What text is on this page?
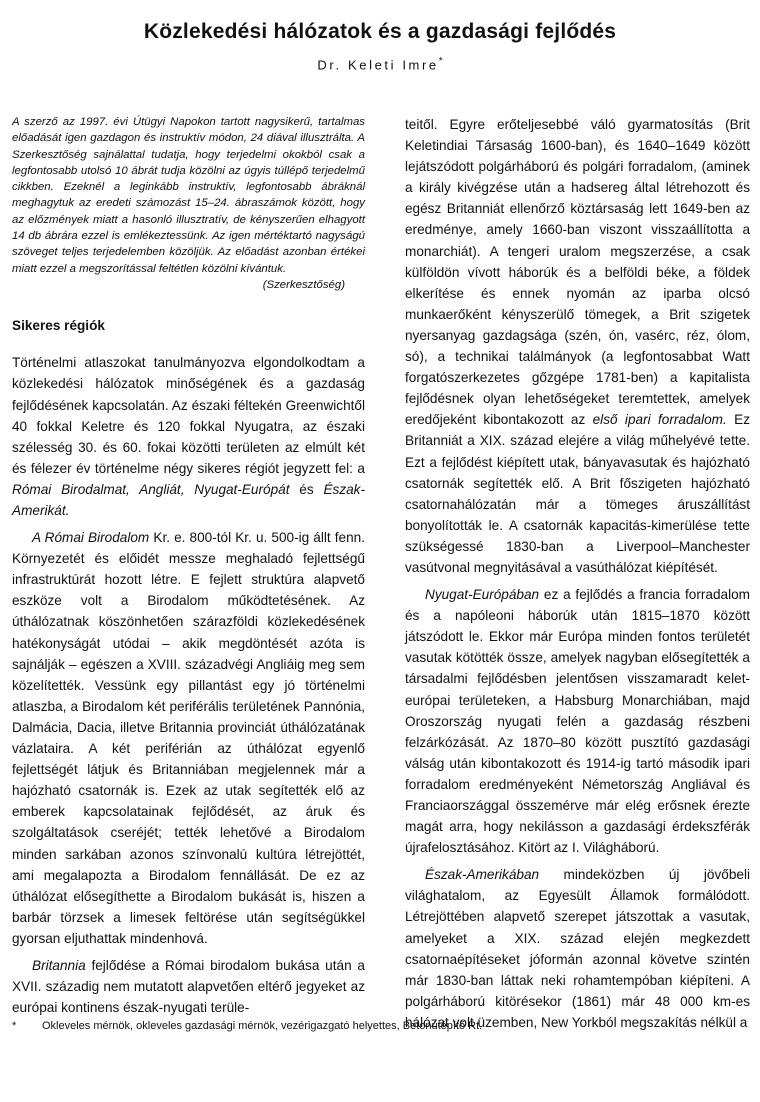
Közlekedési hálózatok és a gazdasági fejlődés
Dr. Keleti Imre*

A szerző az 1997. évi Útügyi Napokon tartott nagysikerű, tartalmas előadását igen gazdagon és instruktív módon, 24 diával illusztrálta. A Szerkesztőség sajnálattal tudatja, hogy terjedelmi okokból csak a legfontosabb utolsó 10 ábrát tudja közölni az úgyis túllépő terjedelmű cikkben. Ezeknél a leginkább instruktív, legfontosabb ábráknál meghagytuk az eredeti számozást 15–24. ábraszámok között, hogy az előzmények miatt a hasonló illusztratív, de kényszerűen elhagyott 14 db ábrára ezzel is emlékeztessünk. Az igen mértéktartó nagyságú szöveget teljes terjedelemben közöljük. Az előadást azonban értékei miatt ezzel a megszorítással feltétlen közölni kívántuk.

(Szerkesztőség)

Sikeres régiók

Történelmi atlaszokat tanulmányozva elgondolkodtam a közlekedési hálózatok minőségének és a gazdaság fejlődésének kapcsolatán. Az északi féltekén Greenwichtől 40 fokkal Keletre és 120 fokkal Nyugatra, az északi szélesség 30. és 60. fokai közötti területen az elmúlt két és félezer év történelme négy sikeres régiót jegyzett fel: a Római Birodalmat, Angliát, Nyugat-Európát és Észak-Amerikát.

A Római Birodalom Kr. e. 800-tól Kr. u. 500-ig állt fenn. Környezetét és előidét messze meghaladó fejlettségű infrastruktúrát hozott létre. E fejlett struktúra alapvető eszköze volt a Birodalom működtetésének. Az úthálózatnak köszönhetően szárazföldi közlekedésének hatékonyságát utódai – akik megdöntését azóta is sajnálják – egészen a XVIII. századvégi Angliáig meg sem közelítették. Vessünk egy pillantást egy jó történelmi atlaszba, a Birodalom két periférális területének Pannónia, Dalmácia, Dacia, illetve Britannia provinciát úthálózatának vázlataira. A két periférián az úthálózat egyenlő fejlettségét látjuk és Britanniában megjelennek már a hajózható csatornák is. Ezek az utak segítették elő az emberek kapcsolatainak fejlődését, az áruk és szolgáltatások cseréjét; tették lehetővé a Birodalom minden sarkában azonos színvonalú kultúra létrejöttét, ami megalapozta a Birodalom fennállását. De ez az úthálózat elősegíthette a Birodalom bukását is, hiszen a barbár törzsek a limesek feltörése után segítségükkel gyorsan eljuthattak mindenhová.

Britannia fejlődése a Római birodalom bukása után a XVII. századig nem mutatott alapvetően eltérő jegyeket az európai kontinens észak-nyugati terüle-

teitől. Egyre erőteljesebbé váló gyarmatosítás (Brit Keletindiai Társaság 1600-ban), és 1640–1649 között lejátszódott polgárháború és polgári forradalom, (aminek a király kivégzése után a hadsereg által létrehozott és egész Britanniát ellenőrző köztársaság lett 1649-ben az eredménye, amely 1660-ban viszont visszaállította a monarchiát). A tengeri uralom megszerzése, a csak külföldön vívott háborúk és a belföldi béke, a földek elkerítése és ennek nyomán az iparba olcsó munkaerőként kényszerülő tömegek, a Brit szigetek nyersanyag gazdagsága (szén, ón, vasérc, réz, ólom, só), a technikai találmányok (a legfontosabbat Watt forgatószerkezetes gőzgépe 1781-ben) a kapitalista fejlődésnek olyan lehetőségeket teremtettek, amelyek eredőjeként kibontakozott az első ipari forradalom. Ez Britanniát a XIX. század elejére a világ műhelyévé tette. Ezt a fejlődést kiépített utak, bányavasutak és hajózható csatornák segítették elő. A Brit főszigeten hajózható csatornahálózatán már a tömeges áruszállítást bonyolították le. A csatornák kapacitás-kimerülése tette szükségessé 1830-ban a Liverpool–Manchester vasútvonal megnyitásával a vasúthálózat kiépítését.

Nyugat-Európában ez a fejlődés a francia forradalom és a napóleoni háborúk után 1815–1870 között játszódott le. Ekkor már Európa minden fontos területét vasutak kötötték össze, amelyek nagyban elősegítették a társadalmi fejlődésben jelentősen visszamaradt kelet-európai területeken, a Habsburg Monarchiában, majd Oroszország nyugati felén a gazdaság részbeni felzárkózását. Az 1870–80 között pusztító gazdasági válság után kibontakozott és 1914-ig tartó második ipari forradalom eredményeként Németország Angliával és Franciaországgal összemérve már elég erősnek érezte magát arra, hogy nekilásson a gazdasági érdekszférák újrafelosztásához. Kitört az I. Világháború.

Észak-Amerikában mindeközben új jövőbeli világhatalom, az Egyesült Államok formálódott. Létrejöttében alapvető szerepet játszottak a vasutak, amelyeket a XIX. század elején megkezdett csatornaépítéseket jóformán azonnal követve szintén már 1830-ban láttak neki rohamtempóban kiépíteni. A polgárháború kitörésekor (1861) már 48 000 km-es hálózat volt üzemben, New Yorkból megszakítás nélkül a

* Okleveles mérnök, okleveles gazdasági mérnök, vezérigazgató helyettes, Betonútépítő Rt.
